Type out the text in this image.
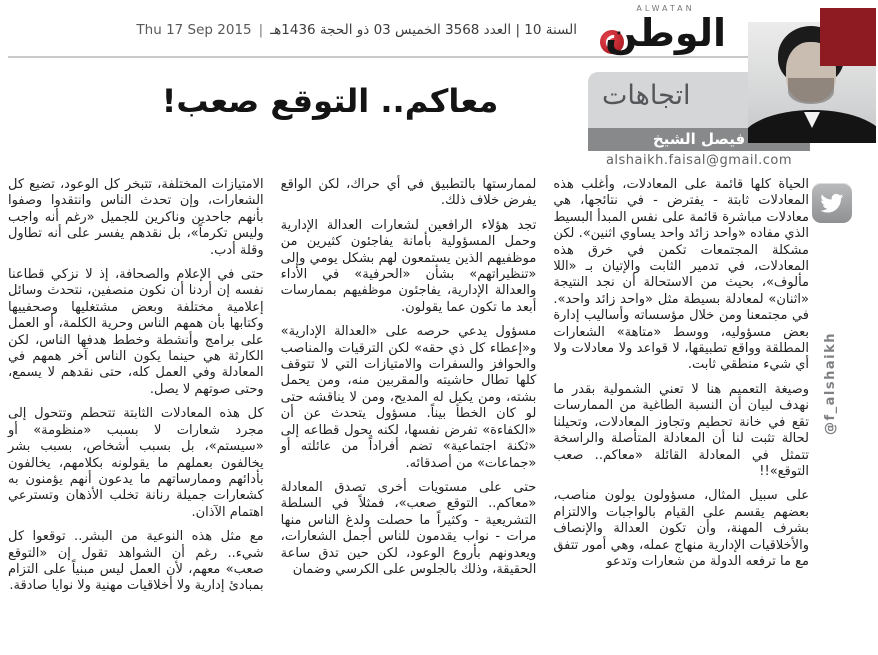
السنة 10 | العدد 3568 الخميس 03 ذو الحجة 1436هـ|Thu 17 Sep 2015
ALWATAN
الوطن
اتجاهات
فيصل الشيخ
alshaikh.faisal@gmail.com
معاكم.. التوقع صعب!
@f_alshaikh

الحياة كلها قائمة على المعادلات، وأغلب هذه المعادلات ثابتة - يفترض - في نتائجها، هي معادلات مباشرة قائمة على نفس المبدأ البسيط الذي مفاده «واحد زائد واحد يساوي اثنين». لكن مشكلة المجتمعات تكمن في خرق هذه المعادلات، في تدمير الثابت والإتيان بـ «اللا مألوف»، بحيث من الاستحالة أن نجد النتيجة «اثنان» لمعادلة بسيطة مثل «واحد زائد واحد». في مجتمعنا ومن خلال مؤسساته وأساليب إدارة بعض مسؤوليه، ووسط «متاهة» الشعارات المطلقة وواقع تطبيقها، لا قواعد ولا معادلات ولا أي شيء منطقي ثابت.

وصيغة التعميم هنا لا تعني الشمولية بقدر ما نهدف لبيان أن النسبة الطاغية من الممارسات تقع في خانة تحطيم وتجاوز المعادلات، وتحيلنا لحالة تثبت لنا أن المعادلة المتأصلة والراسخة تتمثل في المعادلة القائلة «معاكم.. صعب التوقع»!!

على سبيل المثال، مسؤولون يولون مناصب، بعضهم يقسم على القيام بالواجبات والالتزام بشرف المهنة، وأن تكون العدالة والإنصاف والأخلاقيات الإدارية منهاج عمله، وهي أمور تتفق مع ما ترفعه الدولة من شعارات وتدعو

لممارستها بالتطبيق في أي حراك، لكن الواقع يفرض خلاف ذلك.

تجد هؤلاء الرافعين لشعارات العدالة الإدارية وحمل المسؤولية بأمانة يفاجئون كثيرين من موظفيهم الذين يستمعون لهم بشكل يومي وإلى «تنظيراتهم» بشأن «الحرفية» في الأداء والعدالة الإدارية، يفاجئون موظفيهم بممارسات أبعد ما تكون عما يقولون.

مسؤول يدعي حرصه على «العدالة الإدارية» و«إعطاء كل ذي حقه» لكن الترقيات والمناصب والحوافز والسفرات والامتيازات التي لا تتوقف كلها تطال حاشيته والمقربين منه، ومن يحمل بشته، ومن يكيل له المديح، ومن لا يناقشه حتى لو كان الخطأ بيناً. مسؤول يتحدث عن أن «الكفاءة» تفرض نفسها، لكنه يحول قطاعه إلى «ثكنة اجتماعية» تضم أفراداً من عائلته أو «جماعات» من أصدقائه.

حتى على مستويات أخرى تصدق المعادلة «معاكم.. التوقع صعب»، فمثلاً في السلطة التشريعية - وكثيراً ما حصلت ولدغ الناس منها مرات - نواب يقدمون للناس أجمل الشعارات، ويعدونهم بأروع الوعود، لكن حين تدق ساعة الحقيقة، وذلك بالجلوس على الكرسي وضمان

الامتيازات المختلفة، تتبخر كل الوعود، تضيع كل الشعارات، وإن تحدث الناس وانتقدوا وصفوا بأنهم جاحدين وناكرين للجميل «رغم أنه واجب وليس تكرماً»، بل نقدهم يفسر على أنه تطاول وقلة أدب.

حتى في الإعلام والصحافة، إذ لا نزكي قطاعنا نفسه إن أردنا أن نكون منصفين، نتحدث وسائل إعلامية مختلفة وبعض مشتغليها وصحفييها وكتابها بأن همهم الناس وحرية الكلمة، أو العمل على برامج وأنشطة وخطط هدفها الناس، لكن الكارثة هي حينما يكون الناس آخر همهم في المعادلة وفي العمل كله، حتى نقدهم لا يسمع، وحتى صوتهم لا يصل.

كل هذه المعادلات الثابتة تتحطم وتتحول إلى مجرد شعارات لا بسبب «منظومة» أو «سيستم»، بل بسبب أشخاص، بسبب بشر يخالفون بعملهم ما يقولونه بكلامهم، يخالفون بأدائهم وممارساتهم ما يدعون أنهم يؤمنون به كشعارات جميلة رنانة تخلب الأذهان وتسترعي اهتمام الآذان.

مع مثل هذه النوعية من البشر.. توقعوا كل شيء.. رغم أن الشواهد تقول إن «التوقع صعب» معهم، لأن العمل ليس مبنياً على التزام بمبادئ إدارية ولا أخلاقيات مهنية ولا نوايا صادقة.
